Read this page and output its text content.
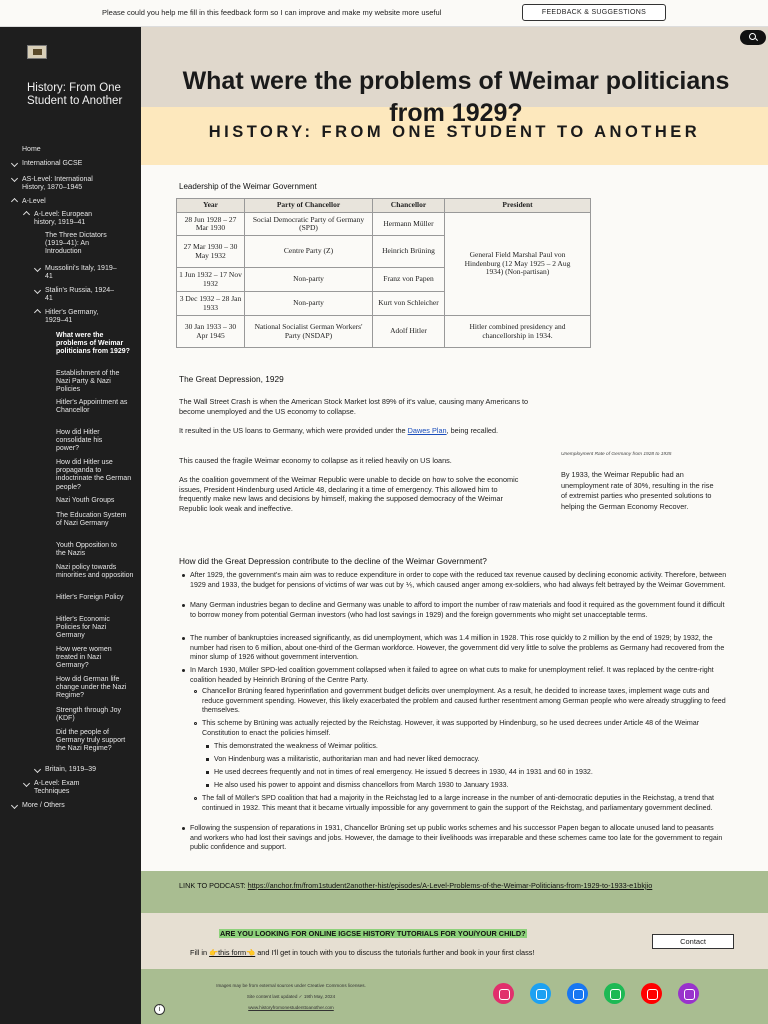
Please could you help me fill in this feedback form so I can improve and make my website more useful	FEEDBACK & SUGGESTIONS
History: From One Student to Another
Home
International GCSE
AS-Level: International History, 1870–1945
A-Level
A-Level: European history, 1919–41
The Three Dictators (1919–41): An Introduction
Mussolini's Italy, 1919–41
Stalin's Russia, 1924–41
Hitler's Germany, 1929–41
What were the problems of Weimar politicians from 1929?
Establishment of the Nazi Party & Nazi Policies
Hitler's Appointment as Chancellor
How did Hitler consolidate his power?
How did Hitler use propaganda to indoctrinate the German people?
Nazi Youth Groups
The Education System of Nazi Germany
Youth Opposition to the Nazis
Nazi policy towards minorities and opposition
Hitler's Foreign Policy
Hitler's Economic Policies for Nazi Germany
How were women treated in Nazi Germany?
How did German life change under the Nazi Regime?
Strength through Joy (KDF)
Did the people of Germany truly support the Nazi Regime?
Britain, 1919–39
A-Level: Exam Techniques
More / Others
What were the problems of Weimar politicians from 1929?
HISTORY: FROM ONE STUDENT TO ANOTHER
Leadership of the Weimar Government
Year	Party of Chancellor	Chancellor	President
28 Jun 1928 – 27 Mar 1930	Social Democratic Party of Germany (SPD)	Hermann Müller	General Field Marshal Paul von Hindenburg (12 May 1925 – 2 Aug 1934) (Non-partisan)
27 Mar 1930 – 30 May 1932	Centre Party (Z)	Heinrich Brüning	
1 Jun 1932 – 17 Nov 1932	Non-party	Franz von Papen	
3 Dec 1932 – 28 Jan 1933	Non-party	Kurt von Schleicher	
30 Jan 1933 – 30 Apr 1945	National Socialist German Workers' Party (NSDAP)	Adolf Hitler	Hitler combined presidency and chancellorship in 1934.
The Great Depression, 1929
The Wall Street Crash is when the American Stock Market lost 89% of it's value, causing many Americans to become unemployed and the US economy to collapse.
It resulted in the US loans to Germany, which were provided under the Dawes Plan, being recalled.
This caused the fragile Weimar economy to collapse as it relied heavily on US loans.
As the coalition government of the Weimar Republic were unable to decide on how to solve the economic issues, President Hindenburg used Article 48, declaring it a time of emergency. This allowed him to frequently make new laws and decisions by himself, making the supposed democracy of the Weimar Republic look weak and ineffective.
Unemployment Rate of Germany from 1928 to 1935
By 1933, the Weimar Republic had an unemployment rate of 30%, resulting in the rise of extremist parties who presented solutions to helping the German Economy Recover.
How did the Great Depression contribute to the decline of the Weimar Government?
After 1929, the government's main aim was to reduce expenditure in order to cope with the reduced tax revenue caused by declining economic activity. Therefore, between 1929 and 1933, the budget for pensions of victims of war was cut by ⅕, which caused anger among ex-soldiers, who had always felt betrayed by the Weimar Government.
Many German industries began to decline and Germany was unable to afford to import the number of raw materials and food it required as the government found it difficult to borrow money from potential German investors (who had lost savings in 1929) and the foreign governments who might set unacceptable terms.
The number of bankruptcies increased significantly, as did unemployment, which was 1.4 million in 1928. This rose quickly to 2 million by the end of 1929; by 1932, the number had risen to 6 million, about one-third of the German workforce. However, the government did very little to solve the problems as Germany had recovered from the minor slump of 1926 without government intervention.
In March 1930, Müller SPD-led coalition government collapsed when it failed to agree on what cuts to make for unemployment relief. It was replaced by the centre-right coalition headed by Heinrich Brüning of the Centre Party.
Chancellor Brüning feared hyperinflation and government budget deficits over unemployment. As a result, he decided to increase taxes, implement wage cuts and reduce government spending. However, this likely exacerbated the problem and caused further resentment among German people who were already struggling to feed themselves.
This scheme by Brüning was actually rejected by the Reichstag. However, it was supported by Hindenburg, so he used decrees under Article 48 of the Weimar Constitution to enact the policies himself.
This demonstrated the weakness of Weimar politics.
Von Hindenburg was a militaristic, authoritarian man and had never liked democracy.
He used decrees frequently and not in times of real emergency. He issued 5 decrees in 1930, 44 in 1931 and 60 in 1932.
He also used his power to appoint and dismiss chancellors from March 1930 to January 1933.
The fall of Müller's SPD coalition that had a majority in the Reichstag led to a large increase in the number of anti-democratic deputies in the Reichstag, a trend that continued in 1932. This meant that it became virtually impossible for any government to gain the support of the Reichstag, and parliamentary government declined.
Following the suspension of reparations in 1931, Chancellor Brüning set up public works schemes and his successor Papen began to allocate unused land to peasants and workers who had lost their savings and jobs. However, the damage to their livelihoods was irreparable and these schemes came too late for the government to regain public confidence and support.
LINK TO PODCAST: https://anchor.fm/from1student2another-hist/episodes/A-Level-Problems-of-the-Weimar-Politicians-from-1929-to-1933-e1bkjio
ARE YOU LOOKING FOR ONLINE IGCSE HISTORY TUTORIALS FOR YOU/YOUR CHILD?
Fill in 👉this form👈 and I'll get in touch with you to discuss the tutorials further and book in your first class!
Contact
Images may be from external sources under Creative Commons licenses.
Site content last updated ✓ 19th May, 2024
www.historyfromonestudenttoanother.com
i
